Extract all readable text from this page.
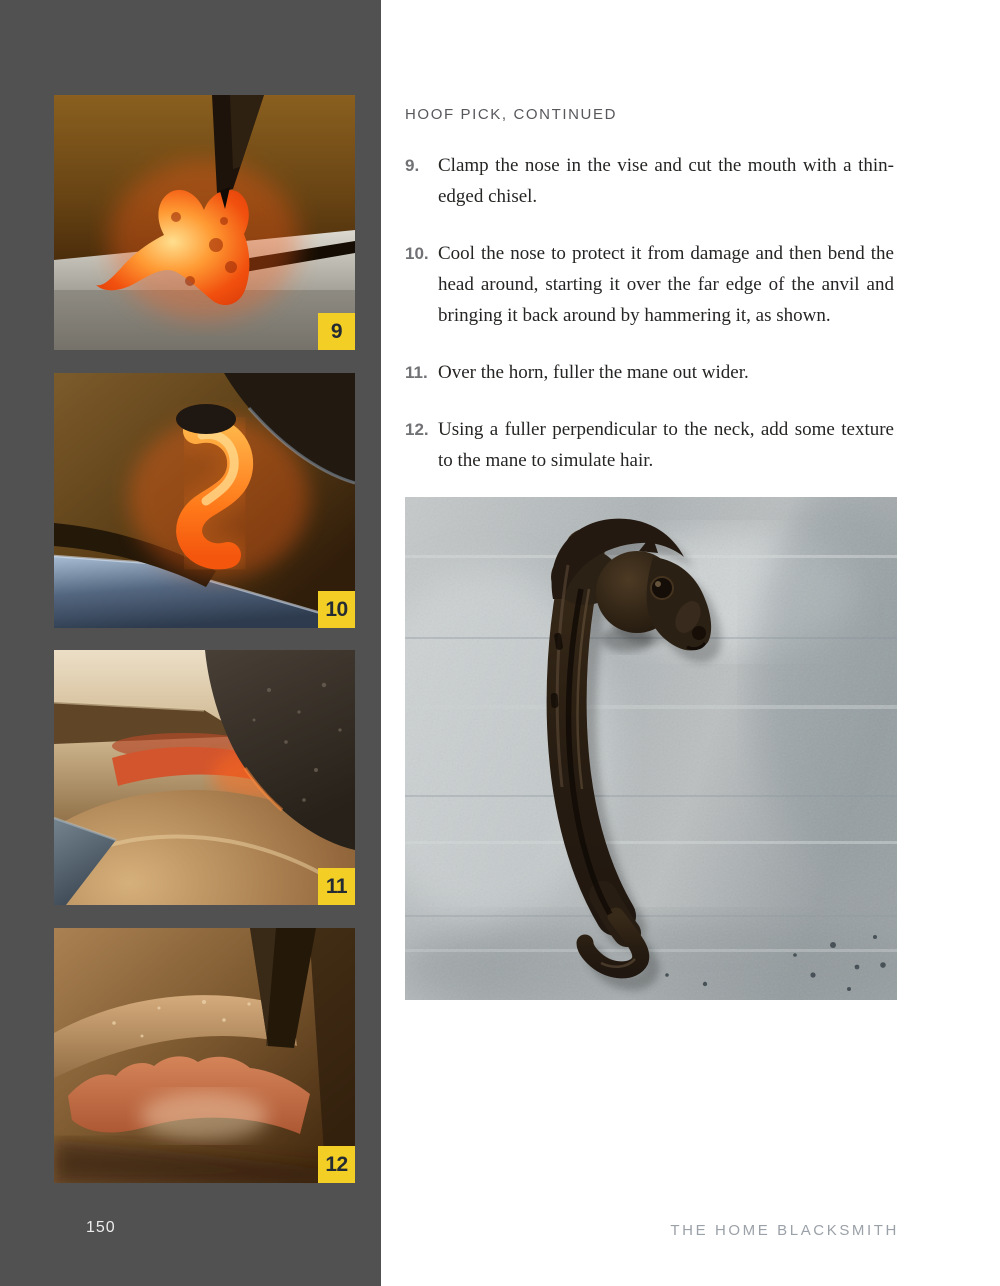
9
10
11
12
150
HOOF PICK, CONTINUED
9. Clamp the nose in the vise and cut the mouth with a thin-edged chisel.
10. Cool the nose to protect it from damage and then bend the head around, starting it over the far edge of the anvil and bringing it back around by hammering it, as shown.
11. Over the horn, fuller the mane out wider.
12. Using a fuller perpendicular to the neck, add some texture to the mane to simulate hair.
THE HOME BLACKSMITH
